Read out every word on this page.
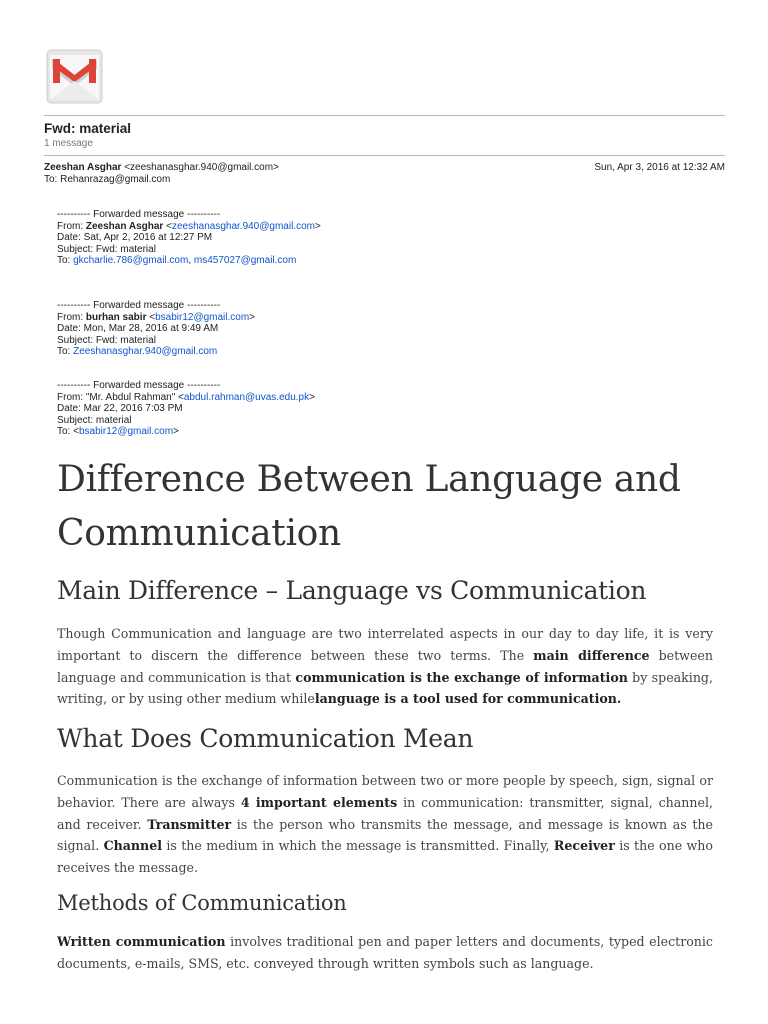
Fwd: material
1 message
Zeeshan Asghar <zeeshanasghar.940@gmail.com>
To: Rehanrazag@gmail.com
Sun, Apr 3, 2016 at 12:32 AM
---------- Forwarded message ----------
From: Zeeshan Asghar <zeeshanasghar.940@gmail.com>
Date: Sat, Apr 2, 2016 at 12:27 PM
Subject: Fwd: material
To: gkcharlie.786@gmail.com, ms457027@gmail.com
---------- Forwarded message ----------
From: burhan sabir <bsabir12@gmail.com>
Date: Mon, Mar 28, 2016 at 9:49 AM
Subject: Fwd: material
To: Zeeshanasghar.940@gmail.com
---------- Forwarded message ----------
From: "Mr. Abdul Rahman" <abdul.rahman@uvas.edu.pk>
Date: Mar 22, 2016 7:03 PM
Subject: material
To: <bsabir12@gmail.com>
Difference Between Language and Communication
Main Difference – Language vs Communication

Though Communication and language are two interrelated aspects in our day to day life, it is very important to discern the difference between these two terms. The main difference between language and communication is that communication is the exchange of information by speaking, writing, or by using other medium whilelanguage is a tool used for communication.

What Does Communication Mean

Communication is the exchange of information between two or more people by speech, sign, signal or behavior. There are always 4 important elements in communication: transmitter, signal, channel, and receiver. Transmitter is the person who transmits the message, and message is known as the signal. Channel is the medium in which the message is transmitted. Finally, Receiver is the one who receives the message.

Methods of Communication

Written communication involves traditional pen and paper letters and documents, typed electronic documents, e-mails, SMS, etc. conveyed through written symbols such as language.
